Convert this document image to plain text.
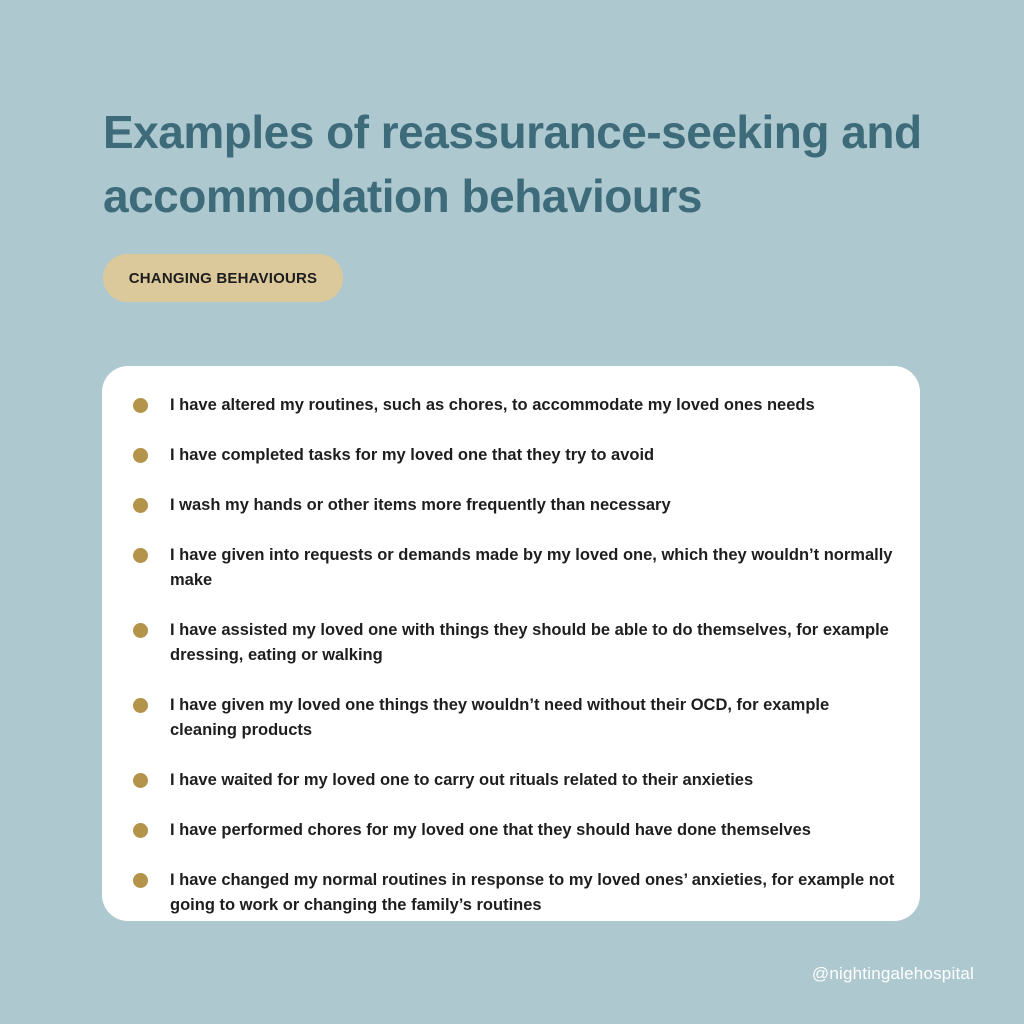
Examples of reassurance-seeking and accommodation behaviours
CHANGING BEHAVIOURS

I have altered my routines, such as chores, to accommodate my loved ones needs

I have completed tasks for my loved one that they try to avoid

I wash my hands or other items more frequently than necessary

I have given into requests or demands made by my loved one, which they wouldn’t normally make

I have assisted my loved one with things they should be able to do themselves, for example dressing, eating or walking

I have given my loved one things they wouldn’t need without their OCD, for example cleaning products

I have waited for my loved one to carry out rituals related to their anxieties

I have performed chores for my loved one that they should have done themselves

I have changed my normal routines in response to my loved ones’ anxieties, for example not going to work or changing the family’s routines

@nightingalehospital
